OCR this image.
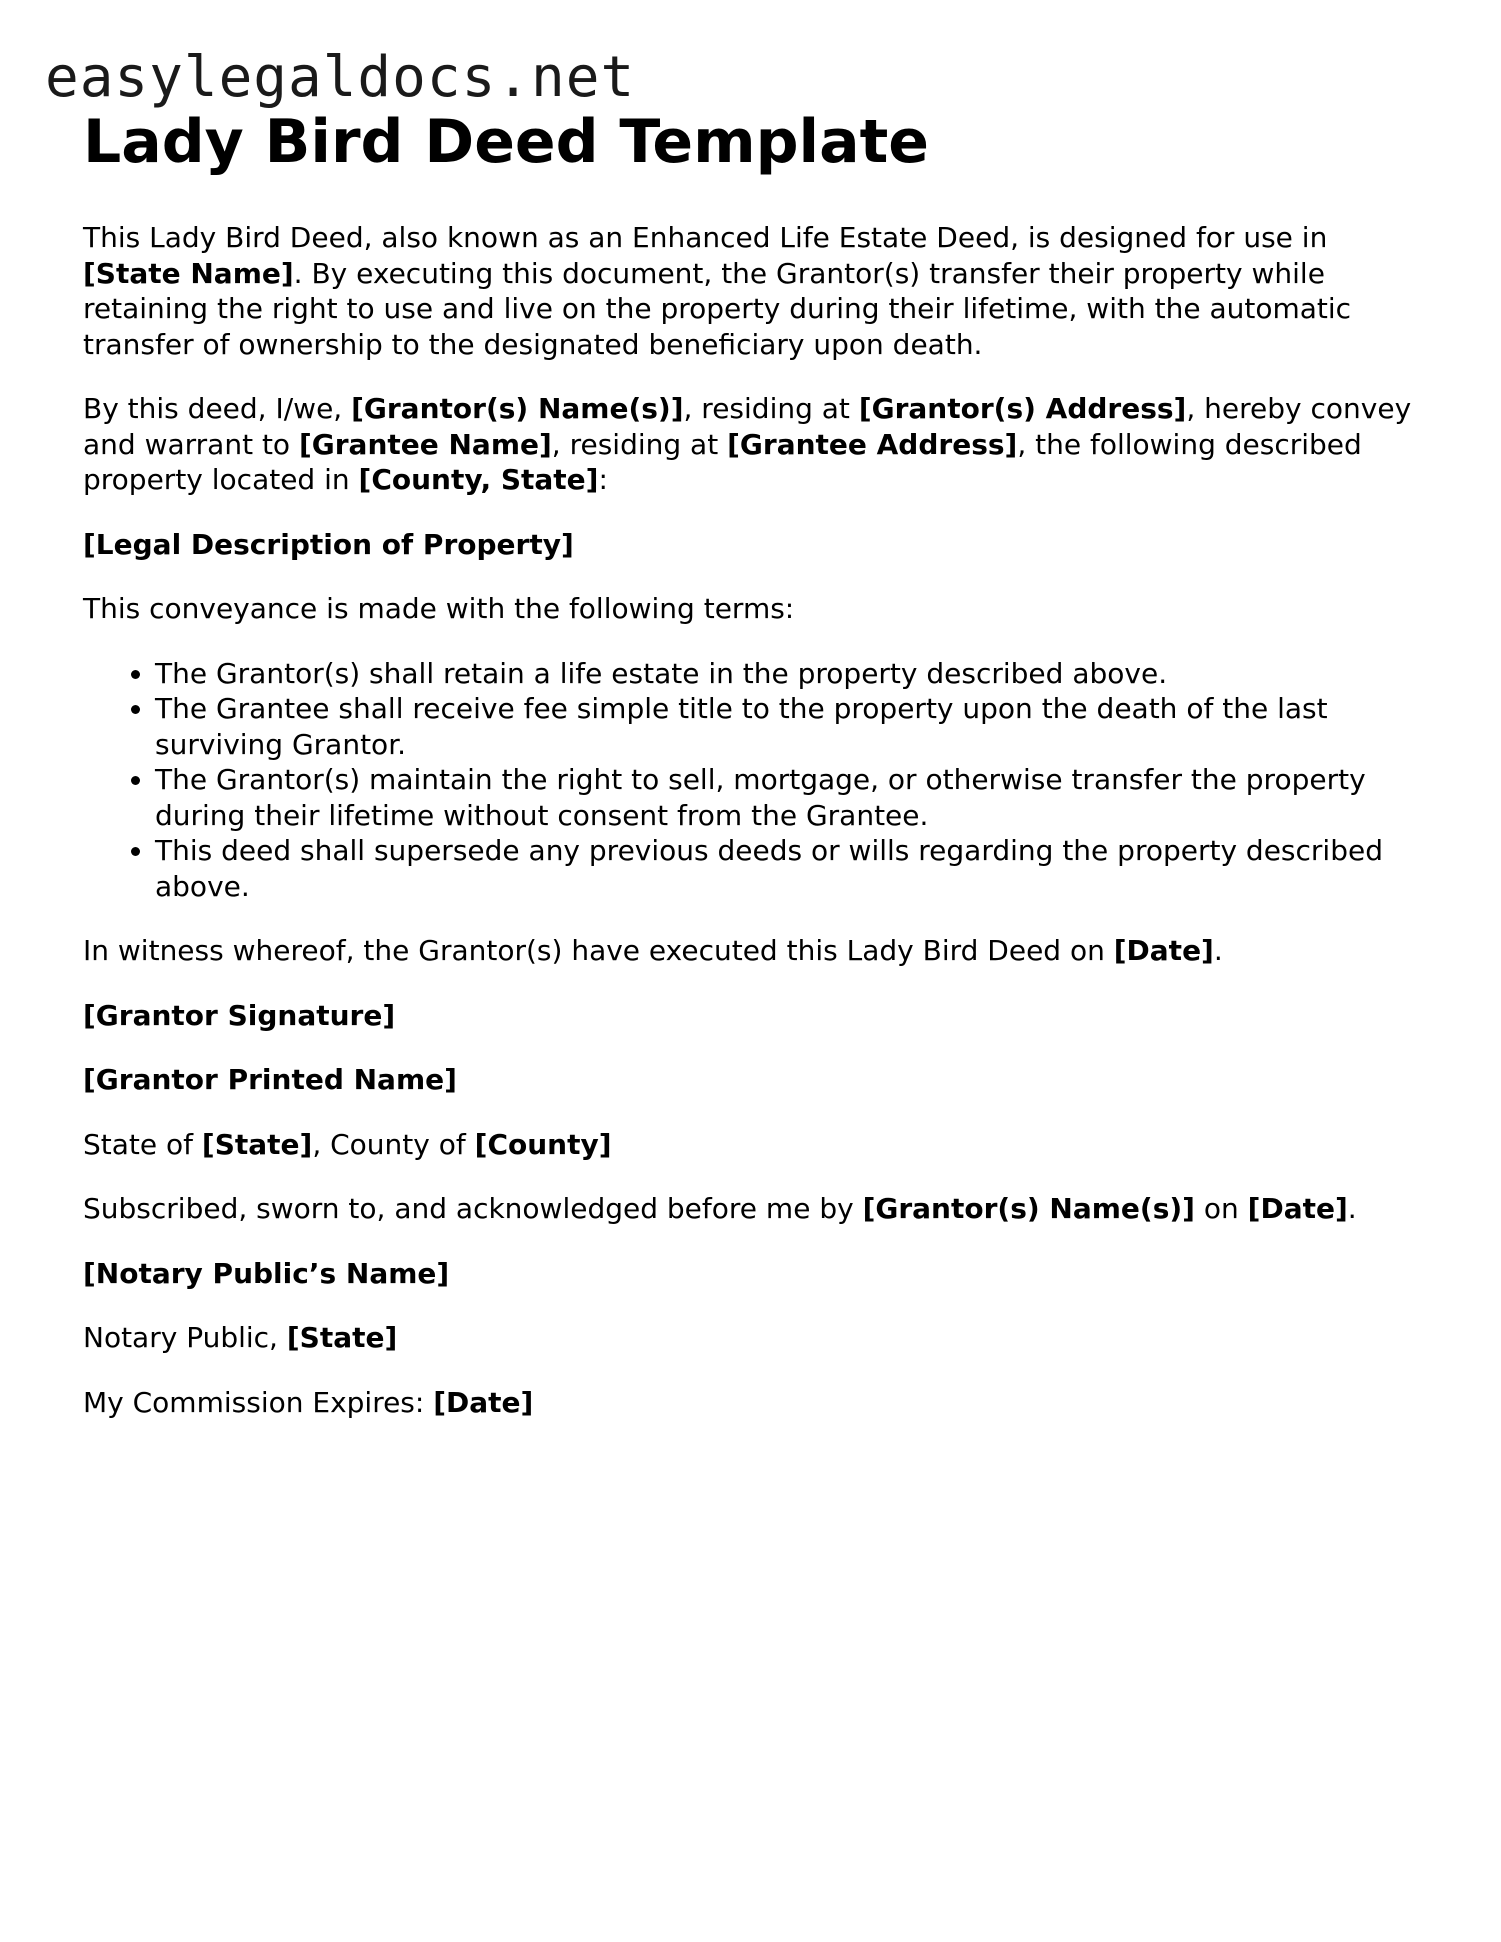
easylegaldocs.net
Lady Bird Deed Template

This Lady Bird Deed, also known as an Enhanced Life Estate Deed, is designed for use in [State Name]. By executing this document, the Grantor(s) transfer their property while retaining the right to use and live on the property during their lifetime, with the automatic transfer of ownership to the designated beneficiary upon death.

By this deed, I/we, [Grantor(s) Name(s)], residing at [Grantor(s) Address], hereby convey and warrant to [Grantee Name], residing at [Grantee Address], the following described property located in [County, State]:

[Legal Description of Property]

This conveyance is made with the following terms:

• The Grantor(s) shall retain a life estate in the property described above.
• The Grantee shall receive fee simple title to the property upon the death of the last surviving Grantor.
• The Grantor(s) maintain the right to sell, mortgage, or otherwise transfer the property during their lifetime without consent from the Grantee.
• This deed shall supersede any previous deeds or wills regarding the property described above.

In witness whereof, the Grantor(s) have executed this Lady Bird Deed on [Date].

[Grantor Signature]

[Grantor Printed Name]

State of [State], County of [County]

Subscribed, sworn to, and acknowledged before me by [Grantor(s) Name(s)] on [Date].

[Notary Public’s Name]

Notary Public, [State]

My Commission Expires: [Date]
